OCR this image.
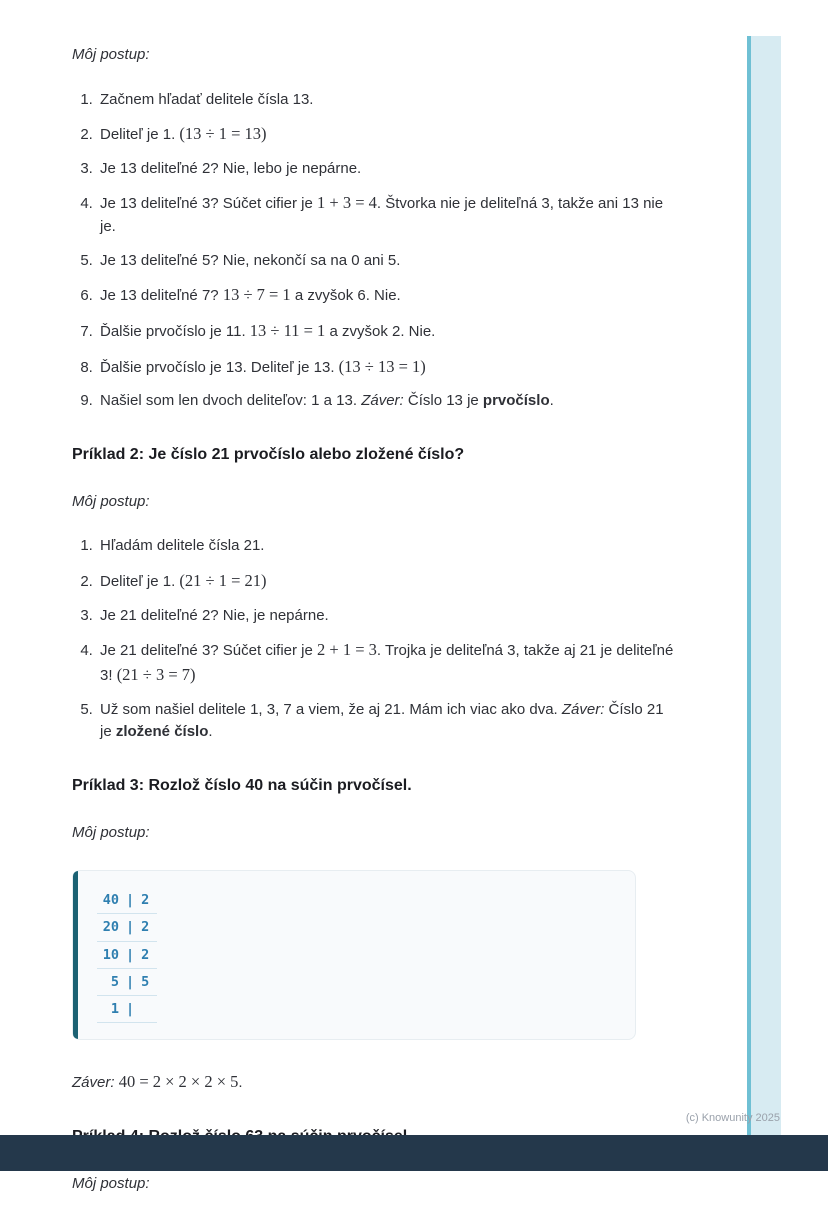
Môj postup:

1. Začnem hľadať delitele čísla 13.
2. Deliteľ je 1. (13 ÷ 1 = 13)
3. Je 13 deliteľné 2? Nie, lebo je nepárne.
4. Je 13 deliteľné 3? Súčet cifier je 1 + 3 = 4. Štvorka nie je deliteľná 3, takže ani 13 nie je.
5. Je 13 deliteľné 5? Nie, nekončí sa na 0 ani 5.
6. Je 13 deliteľné 7? 13 ÷ 7 = 1 a zvyšok 6. Nie.
7. Ďalšie prvočíslo je 11. 13 ÷ 11 = 1 a zvyšok 2. Nie.
8. Ďalšie prvočíslo je 13. Deliteľ je 13. (13 ÷ 13 = 1)
9. Našiel som len dvoch deliteľov: 1 a 13. Záver: Číslo 13 je prvočíslo.
Príklad 2: Je číslo 21 prvočíslo alebo zložené číslo?

Môj postup:

1. Hľadám delitele čísla 21.
2. Deliteľ je 1. (21 ÷ 1 = 21)
3. Je 21 deliteľné 2? Nie, je nepárne.
4. Je 21 deliteľné 3? Súčet cifier je 2 + 1 = 3. Trojka je deliteľná 3, takže aj 21 je deliteľné 3! (21 ÷ 3 = 7)
5. Už som našiel delitele 1, 3, 7 a viem, že aj 21. Mám ich viac ako dva. Záver: Číslo 21 je zložené číslo.
Príklad 3: Rozlož číslo 40 na súčin prvočísel.

Môj postup:

40 | 2
20 | 2
10 | 2
5 | 5
1 |

Záver: 40 = 2 × 2 × 2 × 5.

Môj postup:

(c) Knowunity 2025
